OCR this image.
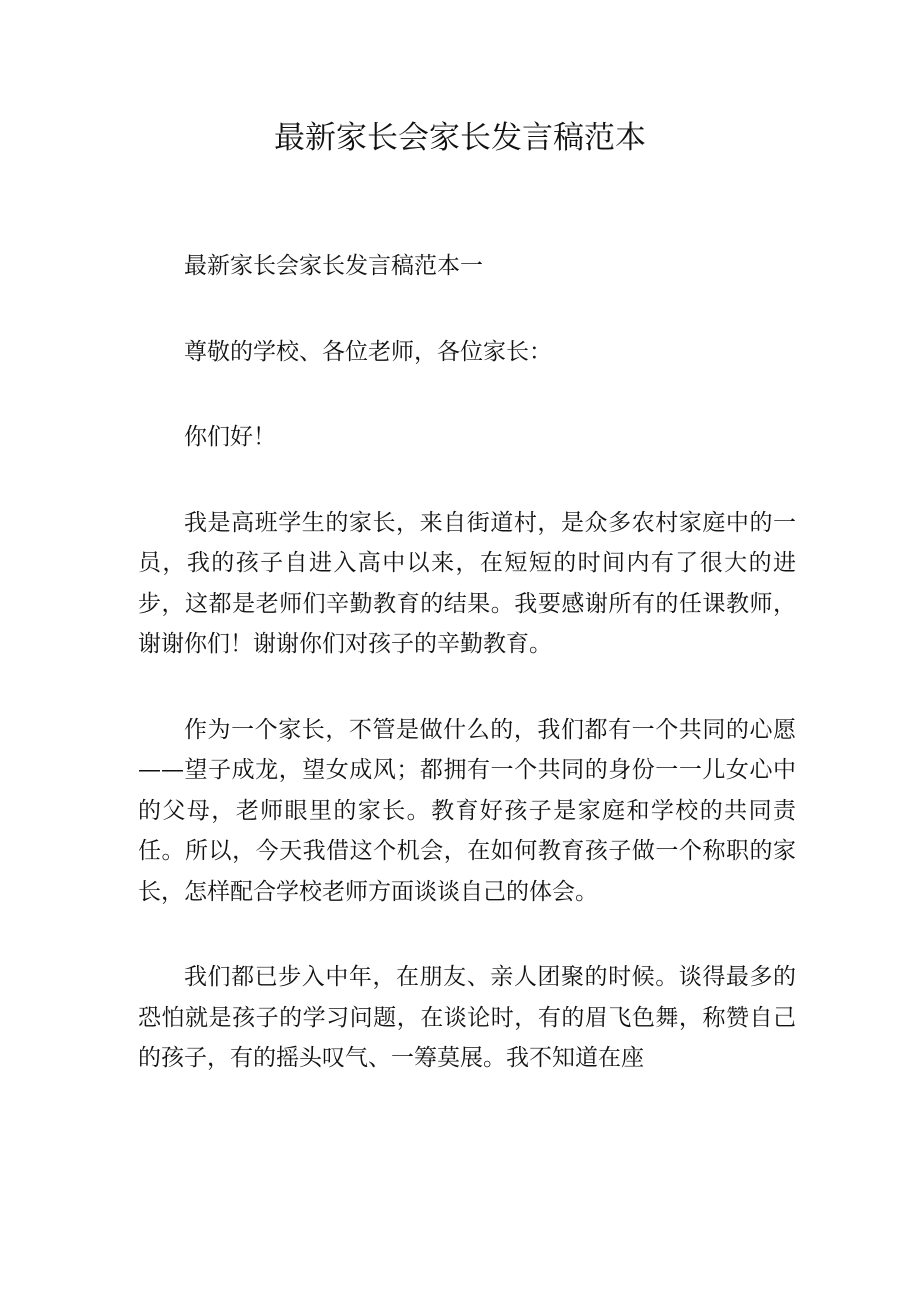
最新家长会家长发言稿范本

最新家长会家长发言稿范本一

尊敬的学校、各位老师，各位家长：

你们好！

我是高班学生的家长，来自街道村，是众多农村家庭中的一员，我的孩子自进入高中以来，在短短的时间内有了很大的进步，这都是老师们辛勤教育的结果。我要感谢所有的任课教师，谢谢你们！谢谢你们对孩子的辛勤教育。

作为一个家长，不管是做什么的，我们都有一个共同的心愿——望子成龙，望女成风；都拥有一个共同的身份一一儿女心中的父母，老师眼里的家长。教育好孩子是家庭和学校的共同责任。所以，今天我借这个机会，在如何教育孩子做一个称职的家长，怎样配合学校老师方面谈谈自己的体会。

我们都已步入中年，在朋友、亲人团聚的时候。谈得最多的恐怕就是孩子的学习问题，在谈论时，有的眉飞色舞，称赞自己的孩子，有的摇头叹气、一筹莫展。我不知道在座
